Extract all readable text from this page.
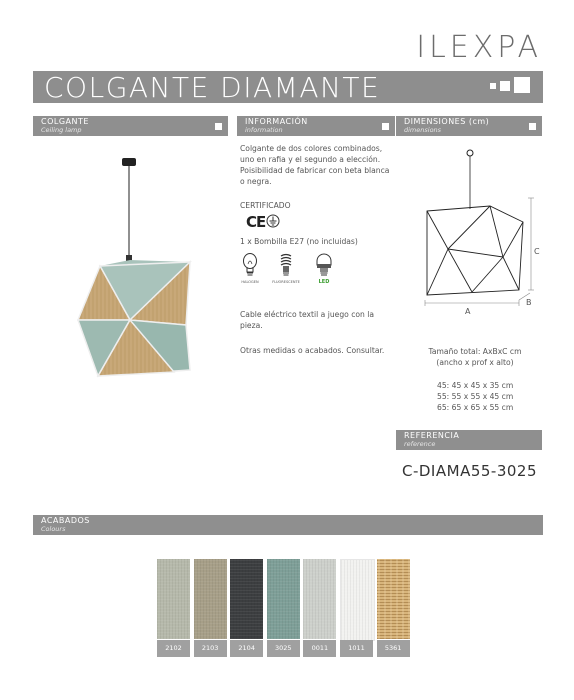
ILEXPA
COLGANTE DIAMANTE
COLGANTE
Ceiling lamp
INFORMACIÓN
information
DIMENSIONES (cm)
dimensions
Colgante de dos colores combinados,
uno en rafia y el segundo a elección.
Poisibilidad de fabricar con beta blanca
o negra.
CERTIFICADO
CE
1 x Bombilla E27 (no incluidas)
HALOGEN	FLUORESCENTE	LED
Cable eléctrico textil a juego con la
pieza.
Otras medidas o acabados. Consultar.
A
B
C
Tamaño total: AxBxC cm
(ancho x prof x alto)
45: 45 x 45 x 35 cm
55: 55 x 55 x 45 cm
65: 65 x 65 x 55 cm
REFERENCIA
reference
C-DIAMA55-3025
ACABADOS
Colours
2102	2103	2104	3025	0011	1011	5361
